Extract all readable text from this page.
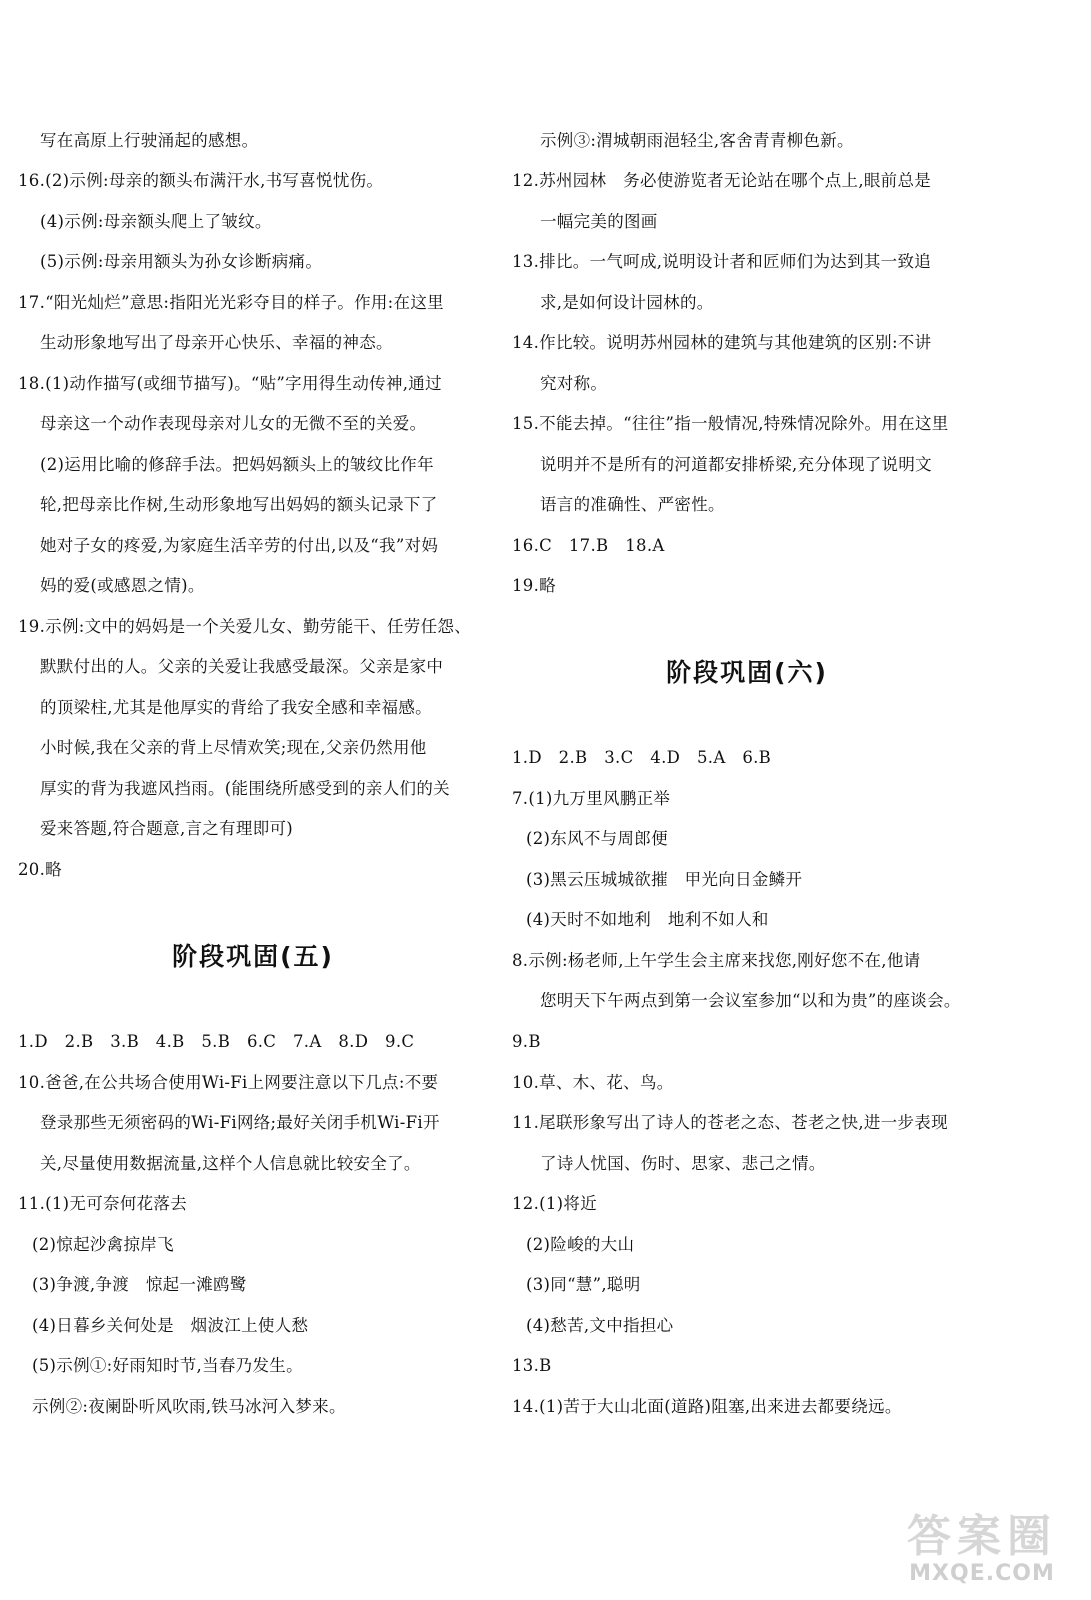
写在高原上行驶涌起的感想。
16.(2)示例:母亲的额头布满汗水,书写喜悦忧伤。
(4)示例:母亲额头爬上了皱纹。
(5)示例:母亲用额头为孙女诊断病痛。
17.“阳光灿烂”意思:指阳光光彩夺目的样子。作用:在这里
生动形象地写出了母亲开心快乐、幸福的神态。
18.(1)动作描写(或细节描写)。“贴”字用得生动传神,通过
母亲这一个动作表现母亲对儿女的无微不至的关爱。
(2)运用比喻的修辞手法。把妈妈额头上的皱纹比作年
轮,把母亲比作树,生动形象地写出妈妈的额头记录下了
她对子女的疼爱,为家庭生活辛劳的付出,以及“我”对妈
妈的爱(或感恩之情)。
19.示例:文中的妈妈是一个关爱儿女、勤劳能干、任劳任怨、
默默付出的人。父亲的关爱让我感受最深。父亲是家中
的顶梁柱,尤其是他厚实的背给了我安全感和幸福感。
小时候,我在父亲的背上尽情欢笑;现在,父亲仍然用他
厚实的背为我遮风挡雨。(能围绕所感受到的亲人们的关
爱来答题,符合题意,言之有理即可)
20.略
阶段巩固(五)
1.D　2.B　3.B　4.B　5.B　6.C　7.A　8.D　9.C
10.爸爸,在公共场合使用Wi-Fi上网要注意以下几点:不要
登录那些无须密码的Wi-Fi网络;最好关闭手机Wi-Fi开
关,尽量使用数据流量,这样个人信息就比较安全了。
11.(1)无可奈何花落去
(2)惊起沙禽掠岸飞
(3)争渡,争渡　惊起一滩鸥鹭
(4)日暮乡关何处是　烟波江上使人愁
(5)示例①:好雨知时节,当春乃发生。
示例②:夜阑卧听风吹雨,铁马冰河入梦来。
示例③:渭城朝雨浥轻尘,客舍青青柳色新。
12.苏州园林　务必使游览者无论站在哪个点上,眼前总是
一幅完美的图画
13.排比。一气呵成,说明设计者和匠师们为达到其一致追
求,是如何设计园林的。
14.作比较。说明苏州园林的建筑与其他建筑的区别:不讲
究对称。
15.不能去掉。“往往”指一般情况,特殊情况除外。用在这里
说明并不是所有的河道都安排桥梁,充分体现了说明文
语言的准确性、严密性。
16.C　17.B　18.A
19.略
阶段巩固(六)
1.D　2.B　3.C　4.D　5.A　6.B
7.(1)九万里风鹏正举
(2)东风不与周郎便
(3)黑云压城城欲摧　甲光向日金鳞开
(4)天时不如地利　地利不如人和
8.示例:杨老师,上午学生会主席来找您,刚好您不在,他请
您明天下午两点到第一会议室参加“以和为贵”的座谈会。
9.B
10.草、木、花、鸟。
11.尾联形象写出了诗人的苍老之态、苍老之快,进一步表现
了诗人忧国、伤时、思家、悲己之情。
12.(1)将近
(2)险峻的大山
(3)同“慧”,聪明
(4)愁苦,文中指担心
13.B
14.(1)苦于大山北面(道路)阻塞,出来进去都要绕远。
答案圈
MXQE.COM
